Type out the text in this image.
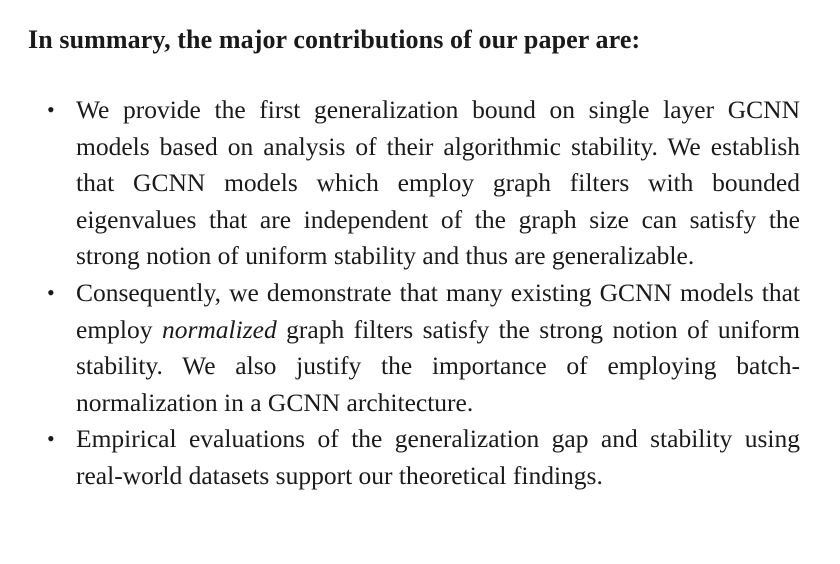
In summary, the major contributions of our paper are:
• We provide the first generalization bound on single layer GCNN models based on analysis of their algorithmic stability. We establish that GCNN models which employ graph filters with bounded eigenvalues that are independent of the graph size can satisfy the strong notion of uniform stability and thus are generalizable.
• Consequently, we demonstrate that many existing GCNN models that employ normalized graph filters satisfy the strong notion of uniform stability. We also justify the importance of employing batch-normalization in a GCNN architecture.
• Empirical evaluations of the generalization gap and stability using real-world datasets support our theoretical findings.
